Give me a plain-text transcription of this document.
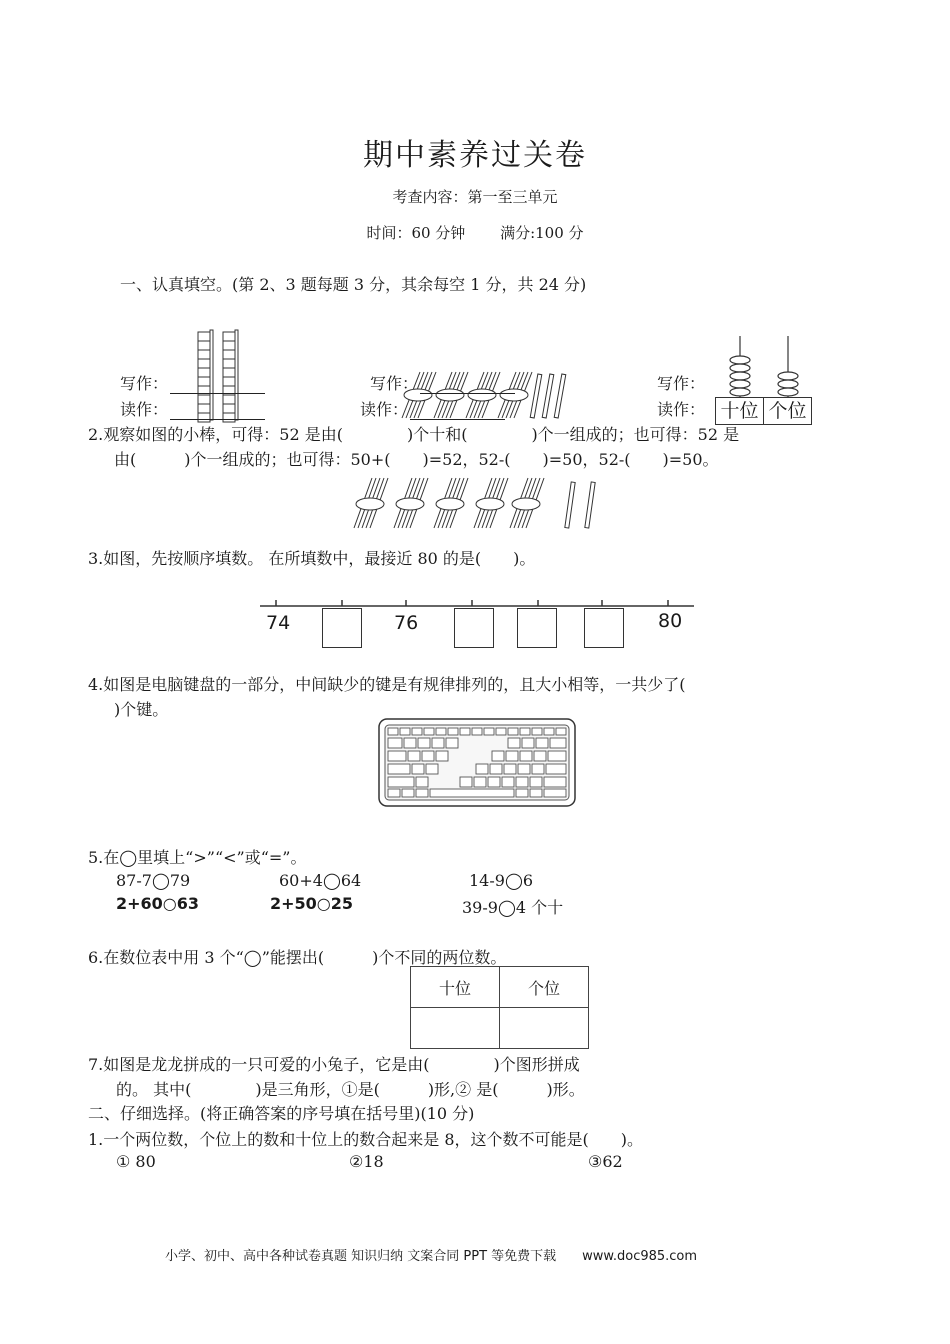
期中素养过关卷
考查内容：第一至三单元
时间：60 分钟　　 满分:100 分
一、认真填空。(第 2、3 题每题 3 分，其余每空 1 分，共 24 分)
写作：
读作：
写作：
读作：	十位 个位
写作：
读作：
2.观察如图的小棒，可得：52 是由(　　　　)个十和(　　　　)个一组成的；也可得：52 是
由(　　　)个一组成的；也可得：50+(　　)=52，52-(　　)=50，52-(　　)=50。
3.如图，先按顺序填数。 在所填数中，最接近 80 的是(　　)。
74	76	80
4.如图是电脑键盘的一部分，中间缺少的键是有规律排列的，且大小相等，一共少了(
)个键。
5.在◯里填上“>”“<”或“=”。
87-7◯79	60+4◯64	14-9◯6
2+60○63	2+50○25	39-9◯4 个十
6.在数位表中用 3 个“◯”能摆出(　　　)个不同的两位数。
十位	个位

7.如图是龙龙拼成的一只可爱的小兔子，它是由(　　　　)个图形拼成
的。 其中(　　　　)是三角形，①是(　　　)形,② 是(　　　)形。
二、仔细选择。(将正确答案的序号填在括号里)(10 分)
1.一个两位数，个位上的数和十位上的数合起来是 8，这个数不可能是(　　)。
① 80	②18	③62
小学、初中、高中各种试卷真题 知识归纳 文案合同 PPT 等免费下载　　www.doc985.com
